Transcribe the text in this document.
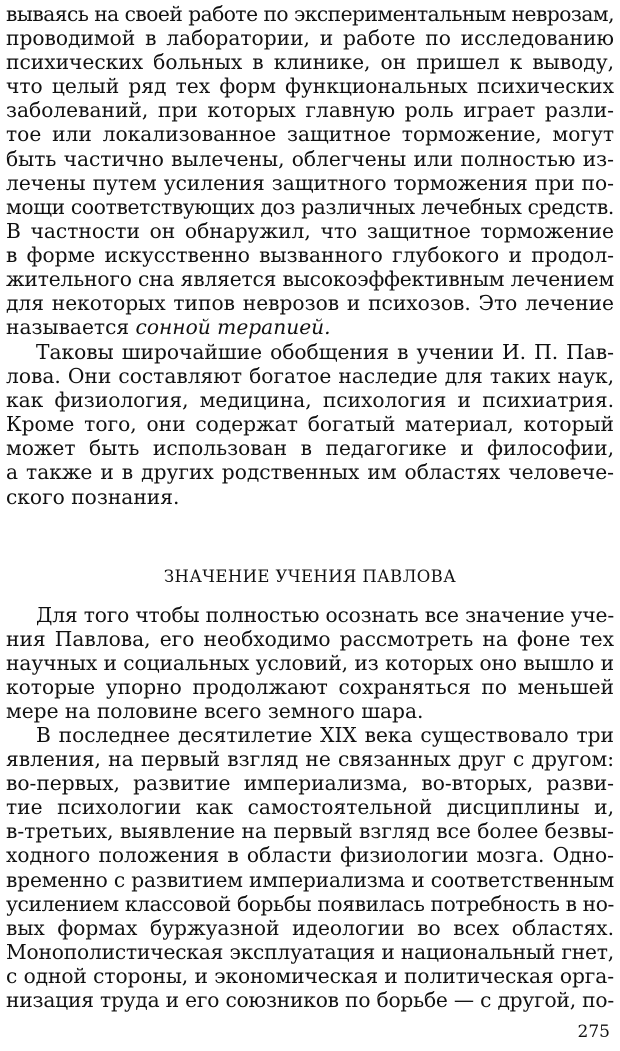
вываясь на своей работе по экспериментальным неврозам,
проводимой в лаборатории, и работе по исследованию
психических больных в клинике, он пришел к выводу,
что целый ряд тех форм функциональных психических
заболеваний, при которых главную роль играет разли-
тое или локализованное защитное торможение, могут
быть частично вылечены, облегчены или полностью из-
лечены путем усиления защитного торможения при по-
мощи соответствующих доз различных лечебных средств.
В частности он обнаружил, что защитное торможение
в форме искусственно вызванного глубокого и продол-
жительного сна является высокоэффективным лечением
для некоторых типов неврозов и психозов. Это лечение
называется сонной терапией.
Таковы широчайшие обобщения в учении И. П. Пав-
лова. Они составляют богатое наследие для таких наук,
как физиология, медицина, психология и психиатрия.
Кроме того, они содержат богатый материал, который
может быть использован в педагогике и философии,
а также и в других родственных им областях человече-
ского познания.
ЗНАЧЕНИЕ УЧЕНИЯ ПАВЛОВА
Для того чтобы полностью осознать все значение уче-
ния Павлова, его необходимо рассмотреть на фоне тех
научных и социальных условий, из которых оно вышло и
которые упорно продолжают сохраняться по меньшей
мере на половине всего земного шара.
В последнее десятилетие XIX века существовало три
явления, на первый взгляд не связанных друг с другом:
во-первых, развитие империализма, во-вторых, разви-
тие психологии как самостоятельной дисциплины и,
в-третьих, выявление на первый взгляд все более безвы-
ходного положения в области физиологии мозга. Одно-
временно с развитием империализма и соответственным
усилением классовой борьбы появилась потребность в но-
вых формах буржуазной идеологии во всех областях.
Монополистическая эксплуатация и национальный гнет,
с одной стороны, и экономическая и политическая орга-
низация труда и его союзников по борьбе — с другой, по-
275
